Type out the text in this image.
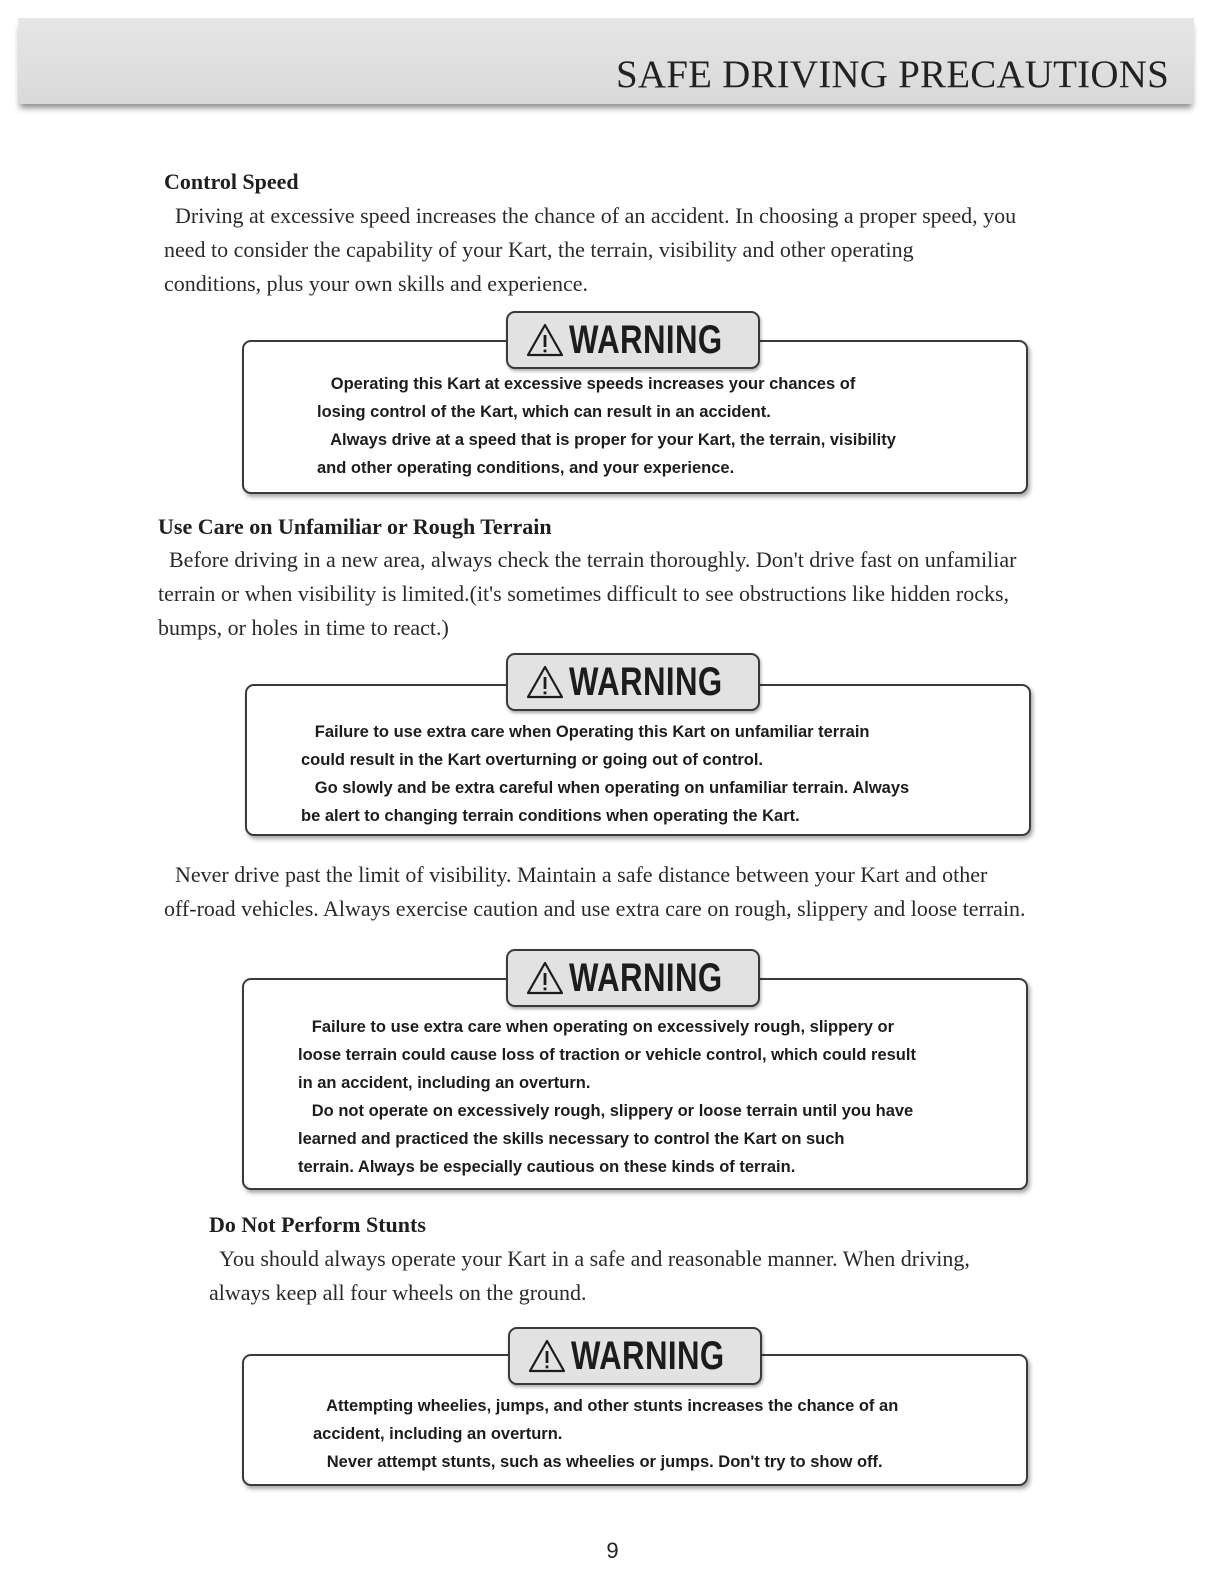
SAFE DRIVING PRECAUTIONS
Control Speed
Driving at excessive speed increases the chance of an accident. In choosing a proper speed, you
need to consider the capability of your Kart, the terrain, visibility and other operating
conditions, plus your own skills and experience.
Operating this Kart at excessive speeds increases your chances of
losing control of the Kart, which can result in an accident.
Always drive at a speed that is proper for your Kart, the terrain, visibility
and other operating conditions, and your experience.
WARNING
Use Care on Unfamiliar or Rough Terrain
Before driving in a new area, always check the terrain thoroughly. Don't drive fast on unfamiliar
terrain or when visibility is limited.(it's sometimes difficult to see obstructions like hidden rocks,
bumps, or holes in time to react.)
Failure to use extra care when Operating this Kart on unfamiliar terrain
could result in the Kart overturning or going out of control.
Go slowly and be extra careful when operating on unfamiliar terrain. Always
be alert to changing terrain conditions when operating the Kart.
WARNING
Never drive past the limit of visibility. Maintain a safe distance between your Kart and other
off-road vehicles. Always exercise caution and use extra care on rough, slippery and loose terrain.
Failure to use extra care when operating on excessively rough, slippery or
loose terrain could cause loss of traction or vehicle control, which could result
in an accident, including an overturn.
Do not operate on excessively rough, slippery or loose terrain until you have
learned and practiced the skills necessary to control the Kart on such
terrain. Always be especially cautious on these kinds of terrain.
WARNING
Do Not Perform Stunts
You should always operate your Kart in a safe and reasonable manner. When driving,
always keep all four wheels on the ground.
Attempting wheelies, jumps, and other stunts increases the chance of an
accident, including an overturn.
Never attempt stunts, such as wheelies or jumps. Don't try to show off.
WARNING
9
